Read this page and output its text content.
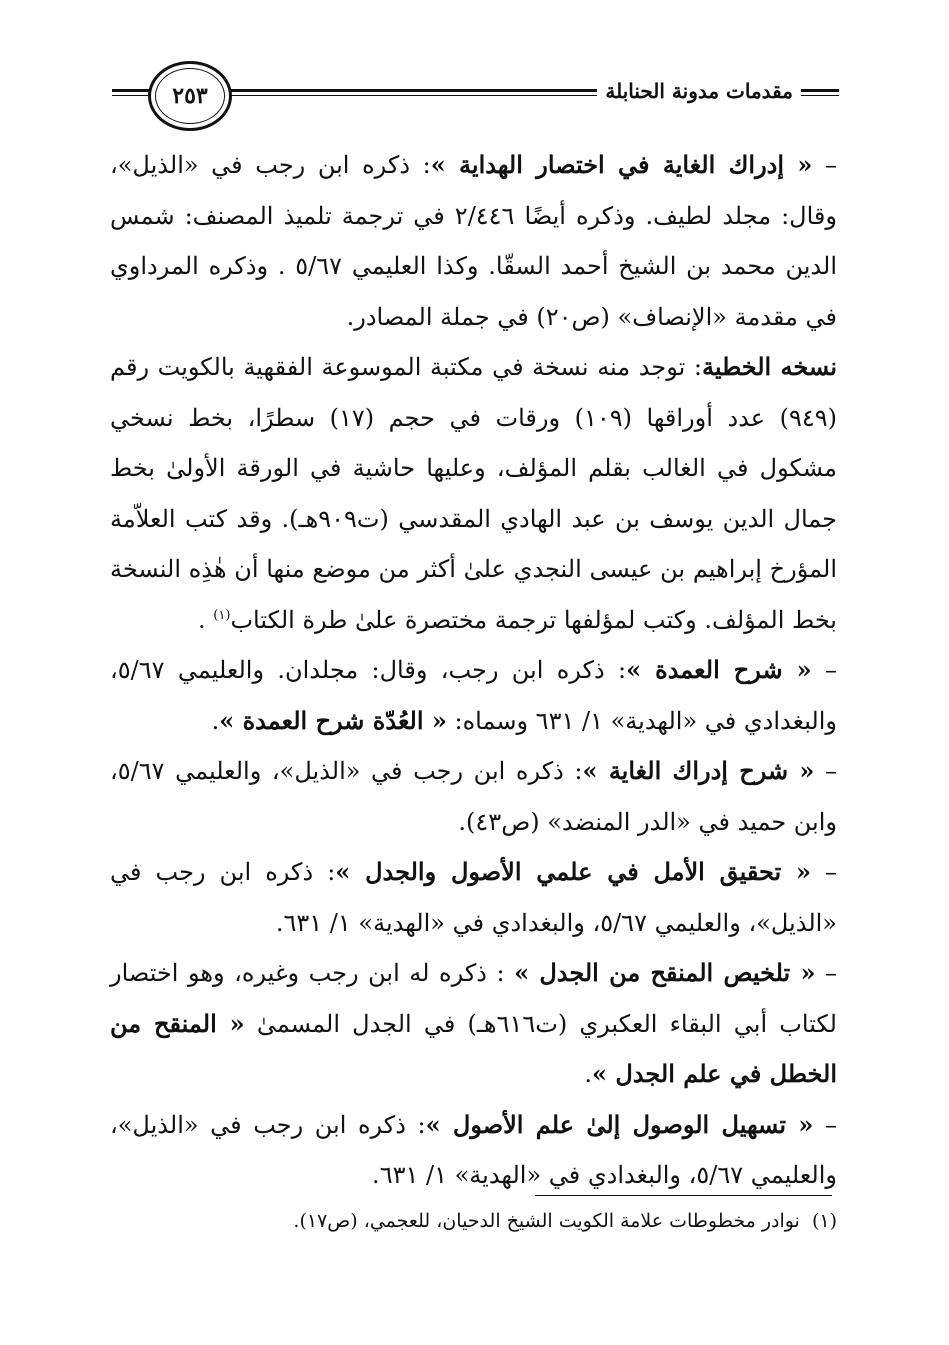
٢٥٣	مقدمات مدونة الحنابلة

– « إدراك الغاية في اختصار الهداية »: ذكره ابن رجب في «الذيل»، وقال: مجلد لطيف. وذكره أيضًا ٢/٤٤٦ في ترجمة تلميذ المصنف: شمس الدين محمد بن الشيخ أحمد السقّا. وكذا العليمي ٥/٦٧ . وذكره المرداوي في مقدمة «الإنصاف» (ص٢٠) في جملة المصادر.

نسخه الخطية: توجد منه نسخة في مكتبة الموسوعة الفقهية بالكويت رقم (٩٤٩) عدد أوراقها (١٠٩) ورقات في حجم (١٧) سطرًا، بخط نسخي مشكول في الغالب بقلم المؤلف، وعليها حاشية في الورقة الأولىٰ بخط جمال الدين يوسف بن عبد الهادي المقدسي (ت٩٠٩هـ). وقد كتب العلاّمة المؤرخ إبراهيم بن عيسى النجدي علىٰ أكثر من موضع منها أن هٰذِه النسخة بخط المؤلف. وكتب لمؤلفها ترجمة مختصرة علىٰ طرة الكتاب$^{(١)}$ .

– « شرح العمدة »: ذكره ابن رجب، وقال: مجلدان. والعليمي ٥/٦٧، والبغدادي في «الهدية» ١/ ٦٣١ وسماه: « العُدّة شرح العمدة ».

– « شرح إدراك الغاية »: ذكره ابن رجب في «الذيل»، والعليمي ٥/٦٧، وابن حميد في «الدر المنضد» (ص٤٣).

– « تحقيق الأمل في علمي الأصول والجدل »: ذكره ابن رجب في «الذيل»، والعليمي ٥/٦٧، والبغدادي في «الهدية» ١/ ٦٣١.

– « تلخيص المنقح من الجدل » : ذكره له ابن رجب وغيره، وهو اختصار لكتاب أبي البقاء العكبري (ت٦١٦هـ) في الجدل المسمىٰ « المنقح من الخطل في علم الجدل ».

– « تسهيل الوصول إلىٰ علم الأصول »: ذكره ابن رجب في «الذيل»، والعليمي ٥/٦٧، والبغدادي في «الهدية» ١/ ٦٣١.

(١)  نوادر مخطوطات علامة الكويت الشيخ الدحيان، للعجمي، (ص١٧).
